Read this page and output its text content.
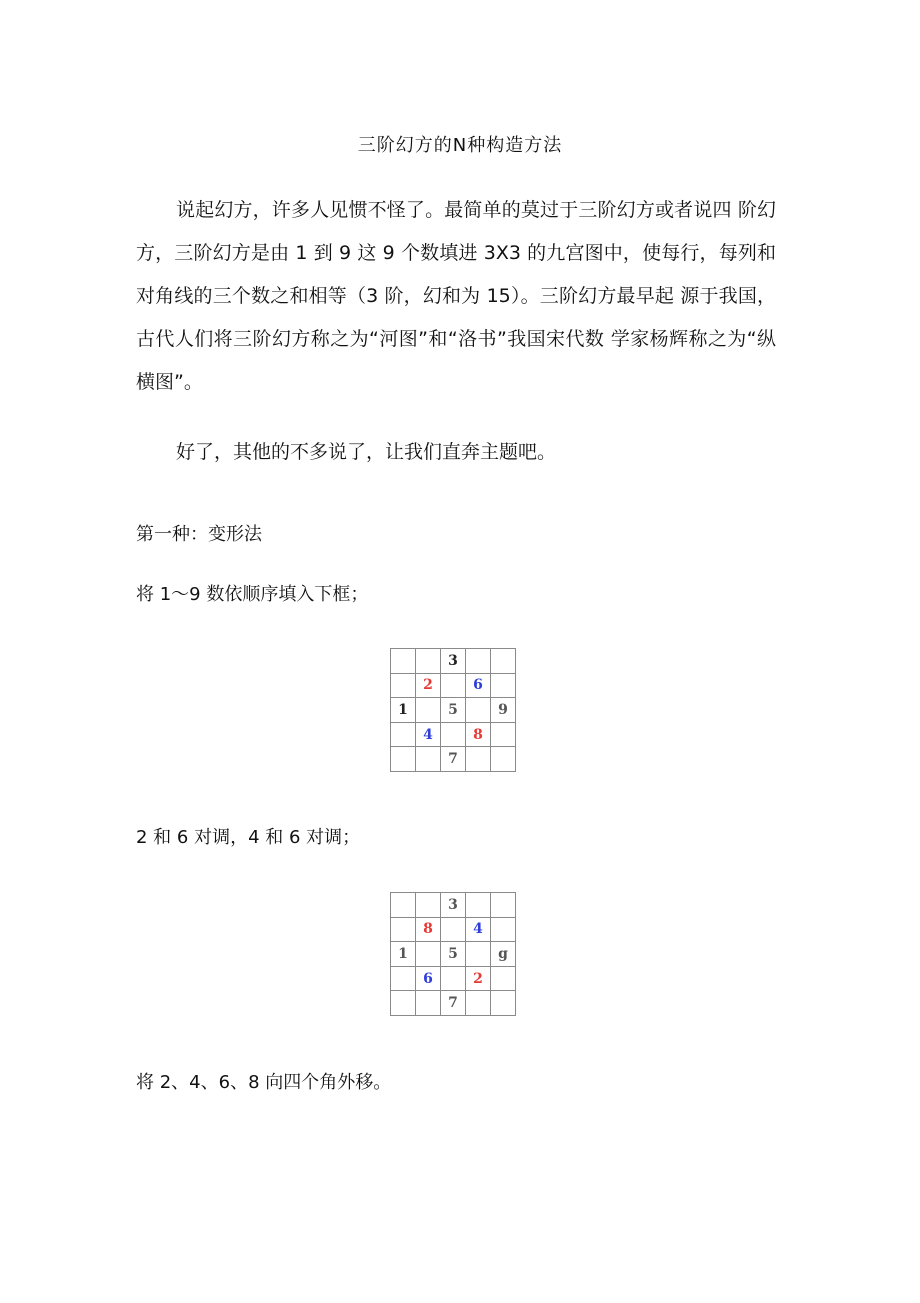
三阶幻方的N种构造方法
说起幻方，许多人见惯不怪了。最简单的莫过于三阶幻方或者说四 阶幻方，三阶幻方是由 1 到 9 这 9 个数填进 3X3 的九宫图中，使每行，每列和对角线的三个数之和相等（3 阶，幻和为 15）。三阶幻方最早起 源于我国，古代人们将三阶幻方称之为“河图”和“洛书”我国宋代数 学家杨辉称之为“纵横图”。
好了，其他的不多说了，让我们直奔主题吧。
第一种：变形法
将 1〜9 数依顺序填入下框；
		3		
	2		6	
1		5		9
	4		8	
		7		
2 和 6 对调，4 和 6 对调；
		3		
	8		4	
1		5		g
	6		2	
		7		
将 2、4、6、8 向四个角外移。
